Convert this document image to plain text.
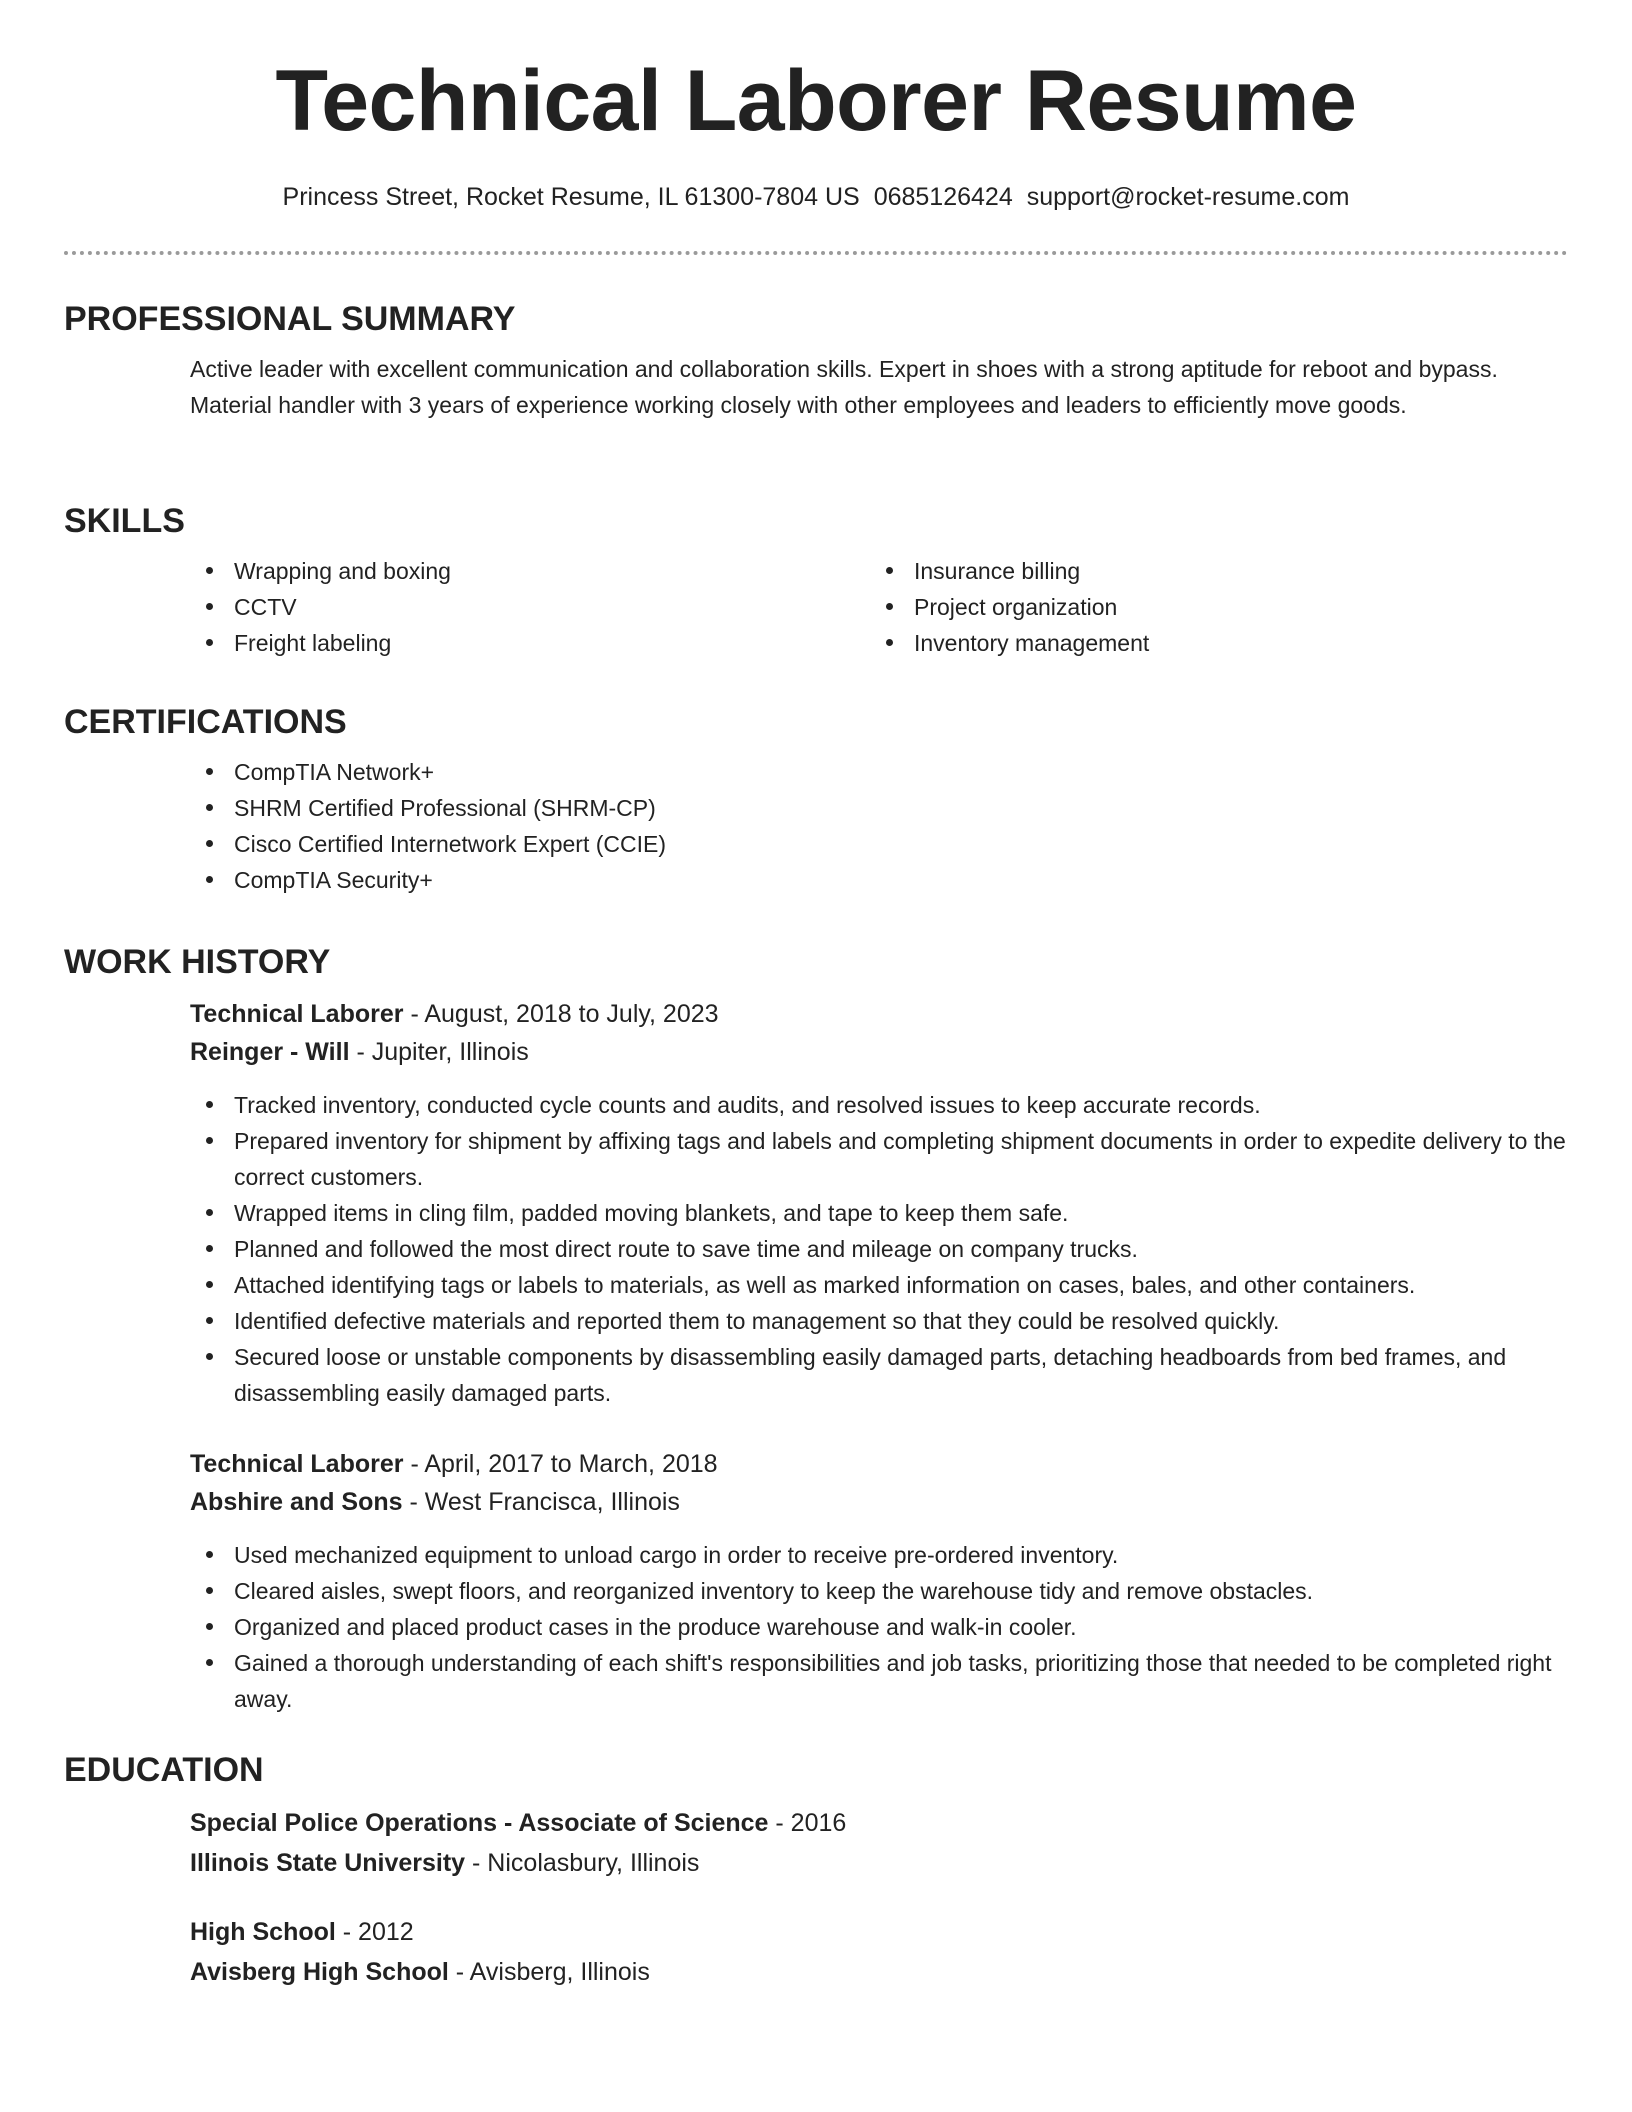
Technical Laborer Resume
Princess Street, Rocket Resume, IL 61300-7804 US 0685126424 support@rocket-resume.com
PROFESSIONAL SUMMARY

Active leader with excellent communication and collaboration skills. Expert in shoes with a strong aptitude for reboot and bypass. Material handler with 3 years of experience working closely with other employees and leaders to efficiently move goods.

SKILLS
Wrapping and boxing
CCTV
Freight labeling
Insurance billing
Project organization
Inventory management
CERTIFICATIONS
CompTIA Network+
SHRM Certified Professional (SHRM-CP)
Cisco Certified Internetwork Expert (CCIE)
CompTIA Security+
WORK HISTORY
Technical Laborer - August, 2018 to July, 2023
Reinger - Will - Jupiter, Illinois
Tracked inventory, conducted cycle counts and audits, and resolved issues to keep accurate records.
Prepared inventory for shipment by affixing tags and labels and completing shipment documents in order to expedite delivery to the correct customers.
Wrapped items in cling film, padded moving blankets, and tape to keep them safe.
Planned and followed the most direct route to save time and mileage on company trucks.
Attached identifying tags or labels to materials, as well as marked information on cases, bales, and other containers.
Identified defective materials and reported them to management so that they could be resolved quickly.
Secured loose or unstable components by disassembling easily damaged parts, detaching headboards from bed frames, and disassembling easily damaged parts.
Technical Laborer - April, 2017 to March, 2018
Abshire and Sons - West Francisca, Illinois
Used mechanized equipment to unload cargo in order to receive pre-ordered inventory.
Cleared aisles, swept floors, and reorganized inventory to keep the warehouse tidy and remove obstacles.
Organized and placed product cases in the produce warehouse and walk-in cooler.
Gained a thorough understanding of each shift's responsibilities and job tasks, prioritizing those that needed to be completed right away.
EDUCATION
Special Police Operations - Associate of Science - 2016
Illinois State University - Nicolasbury, Illinois
High School - 2012
Avisberg High School - Avisberg, Illinois
